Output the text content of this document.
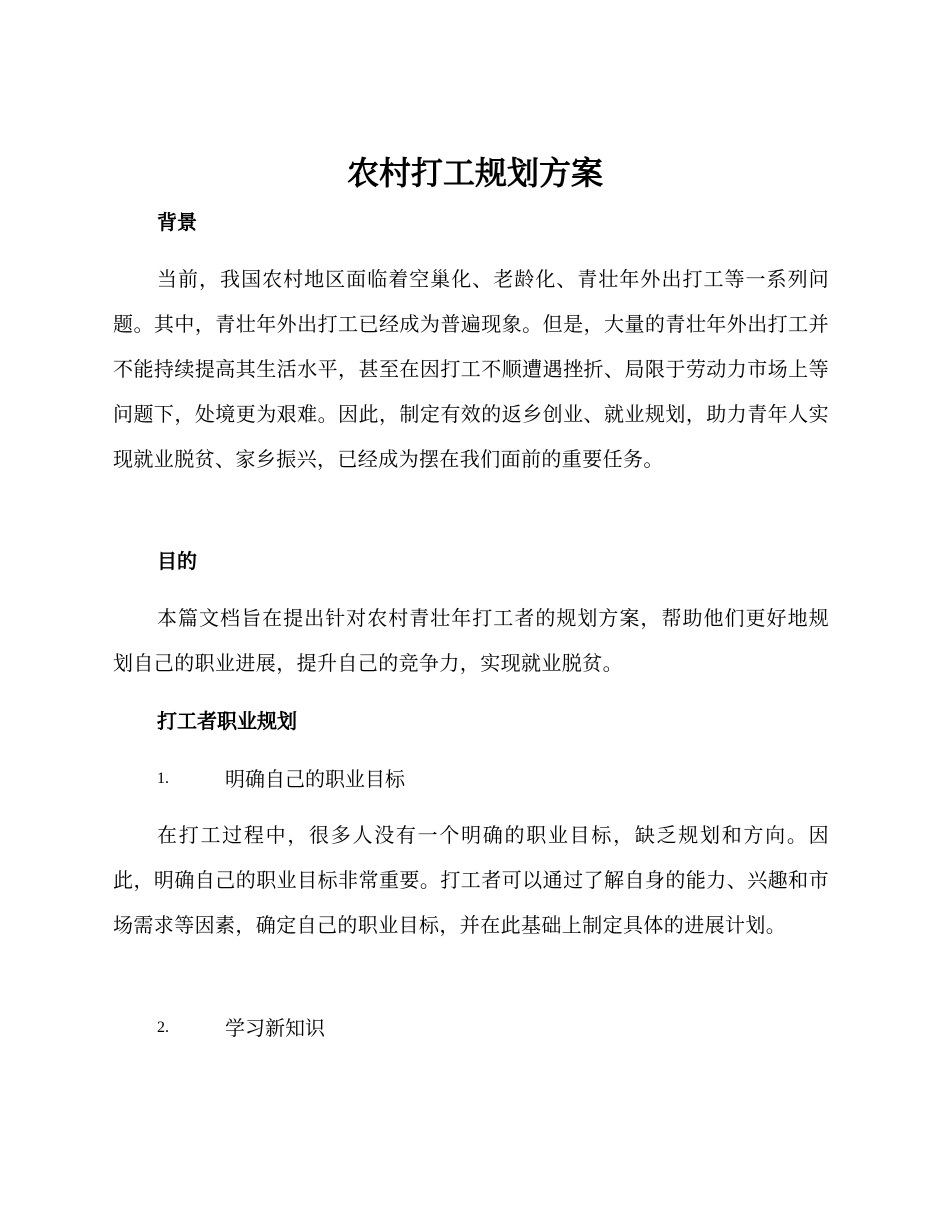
农村打工规划方案
背景
当前，我国农村地区面临着空巢化、老龄化、青壮年外出打工等一系列问题。其中，青壮年外出打工已经成为普遍现象。但是，大量的青壮年外出打工并不能持续提高其生活水平，甚至在因打工不顺遭遇挫折、局限于劳动力市场上等问题下，处境更为艰难。因此，制定有效的返乡创业、就业规划，助力青年人实现就业脱贫、家乡振兴，已经成为摆在我们面前的重要任务。
目的
本篇文档旨在提出针对农村青壮年打工者的规划方案，帮助他们更好地规划自己的职业进展，提升自己的竞争力，实现就业脱贫。
打工者职业规划
1.	明确自己的职业目标
在打工过程中，很多人没有一个明确的职业目标，缺乏规划和方向。因此，明确自己的职业目标非常重要。打工者可以通过了解自身的能力、兴趣和市场需求等因素，确定自己的职业目标，并在此基础上制定具体的进展计划。
2.	学习新知识
